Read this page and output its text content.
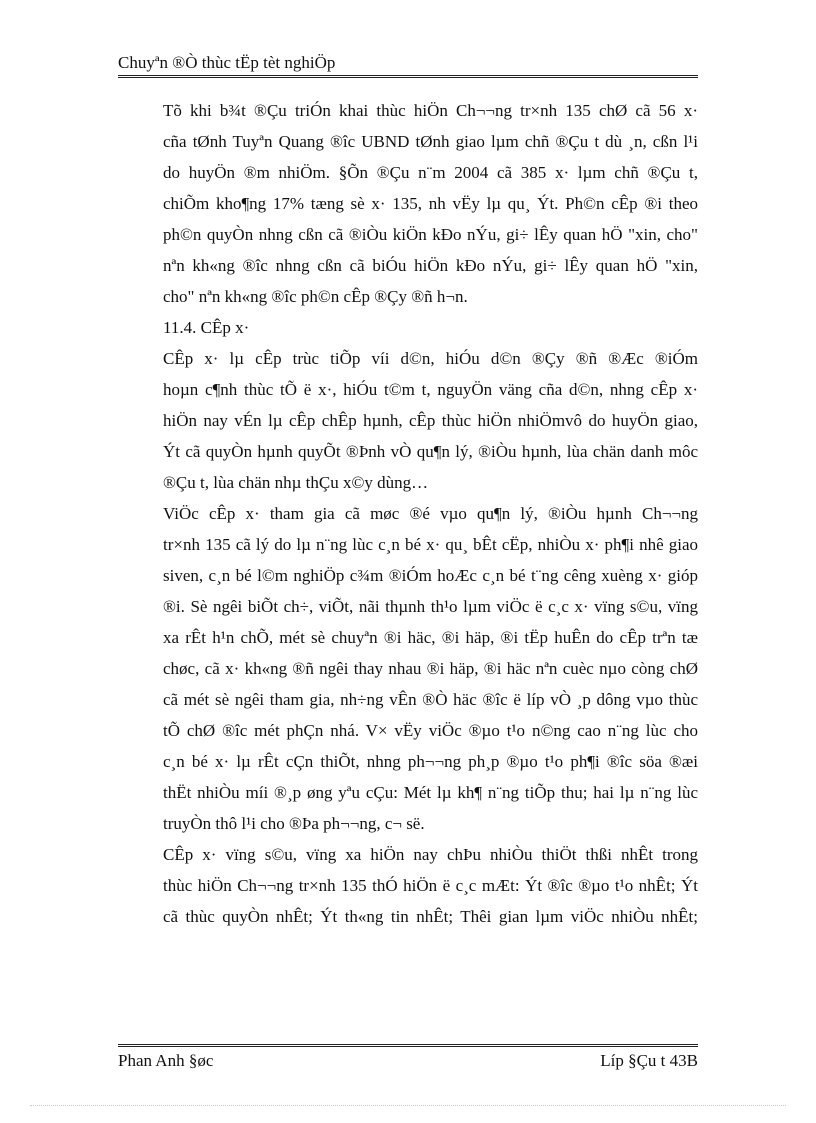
Chuyªn ®Ò thùc tËp tèt nghiÖp

Tõ khi b¾t ®Çu triÓn khai thùc hiÖn Ch¬¬ng tr×nh 135 chØ cã 56 x·
cña tØnh Tuyªn Quang ®îc UBND tØnh giao lµm chñ ®Çu t dù ¸n, cßn l¹i
do huyÖn ®m nhiÖm. §Õn ®Çu n¨m 2004 cã 385 x· lµm chñ ®Çu t,
chiÕm kho¶ng 17% tæng sè x· 135, nh vËy lµ qu¸ Ýt. Ph©n cÊp ®i theo
ph©n quyÒn nhng cßn cã ®iÒu kiÖn kÐo nÝu, gi÷ lÊy quan hÖ "xin, cho"
nªn kh«ng ®îc nhng cßn cã biÓu hiÖn kÐo nÝu, gi÷ lÊy quan hÖ "xin,
cho" nªn kh«ng ®îc ph©n cÊp ®Çy ®ñ h¬n.

11.4. CÊp x·

CÊp x· lµ cÊp trùc tiÕp víi d©n, hiÓu d©n ®Çy ®ñ ®Æc ®iÓm
hoµn c¶nh thùc tÕ ë x·, hiÓu t©m t, nguyÖn väng cña d©n, nhng cÊp x·
hiÖn nay vÉn lµ cÊp chÊp hµnh, cÊp thùc hiÖn nhiÖmvô do huyÖn giao,
Ýt cã quyÒn hµnh quyÕt ®Þnh vÒ qu¶n lý, ®iÒu hµnh, lùa chän danh môc
®Çu t, lùa chän nhµ thÇu x©y dùng…

ViÖc cÊp x· tham gia cã møc ®é vµo qu¶n lý, ®iÒu hµnh Ch¬¬ng
tr×nh 135 cã lý do lµ n¨ng lùc c¸n bé x· qu¸ bÊt cËp, nhiÒu x· ph¶i nhê giao
siven, c¸n bé l©m nghiÖp c¾m ®iÓm hoÆc c¸n bé t¨ng cêng xuèng x· gióp
®i. Sè ngêi biÕt ch÷, viÕt, nãi thµnh th¹o lµm viÖc ë c¸c x· vïng s©u, vïng
xa rÊt h¹n chÕ, mét sè chuyªn ®i häc, ®i häp, ®i tËp huÊn do cÊp trªn tæ
chøc, cã x· kh«ng ®ñ ngêi thay nhau ®i häp, ®i häc nªn cuèc nµo còng chØ
cã mét sè ngêi tham gia, nh÷ng vÊn ®Ò häc ®îc ë líp vÒ ¸p dông vµo thùc
tÕ chØ ®îc mét phÇn nhá. V× vËy viÖc ®µo t¹o n©ng cao n¨ng lùc cho
c¸n bé x· lµ rÊt cÇn thiÕt, nhng ph¬¬ng ph¸p ®µo t¹o ph¶i ®îc söa ®æi
thËt nhiÒu míi ®¸p øng yªu cÇu: Mét lµ kh¶ n¨ng tiÕp thu; hai lµ n¨ng lùc
truyÒn thô l¹i cho ®Þa ph¬¬ng, c¬ së.

CÊp x· vïng s©u, vïng xa hiÖn nay chÞu nhiÒu thiÖt thßi nhÊt trong
thùc hiÖn Ch¬¬ng tr×nh 135 thÓ hiÖn ë c¸c mÆt: Ýt ®îc ®µo t¹o nhÊt; Ýt
cã thùc quyÒn nhÊt; Ýt th«ng tin nhÊt; Thêi gian lµm viÖc nhiÒu nhÊt;

Phan Anh §øc	Líp §Çu t 43B
